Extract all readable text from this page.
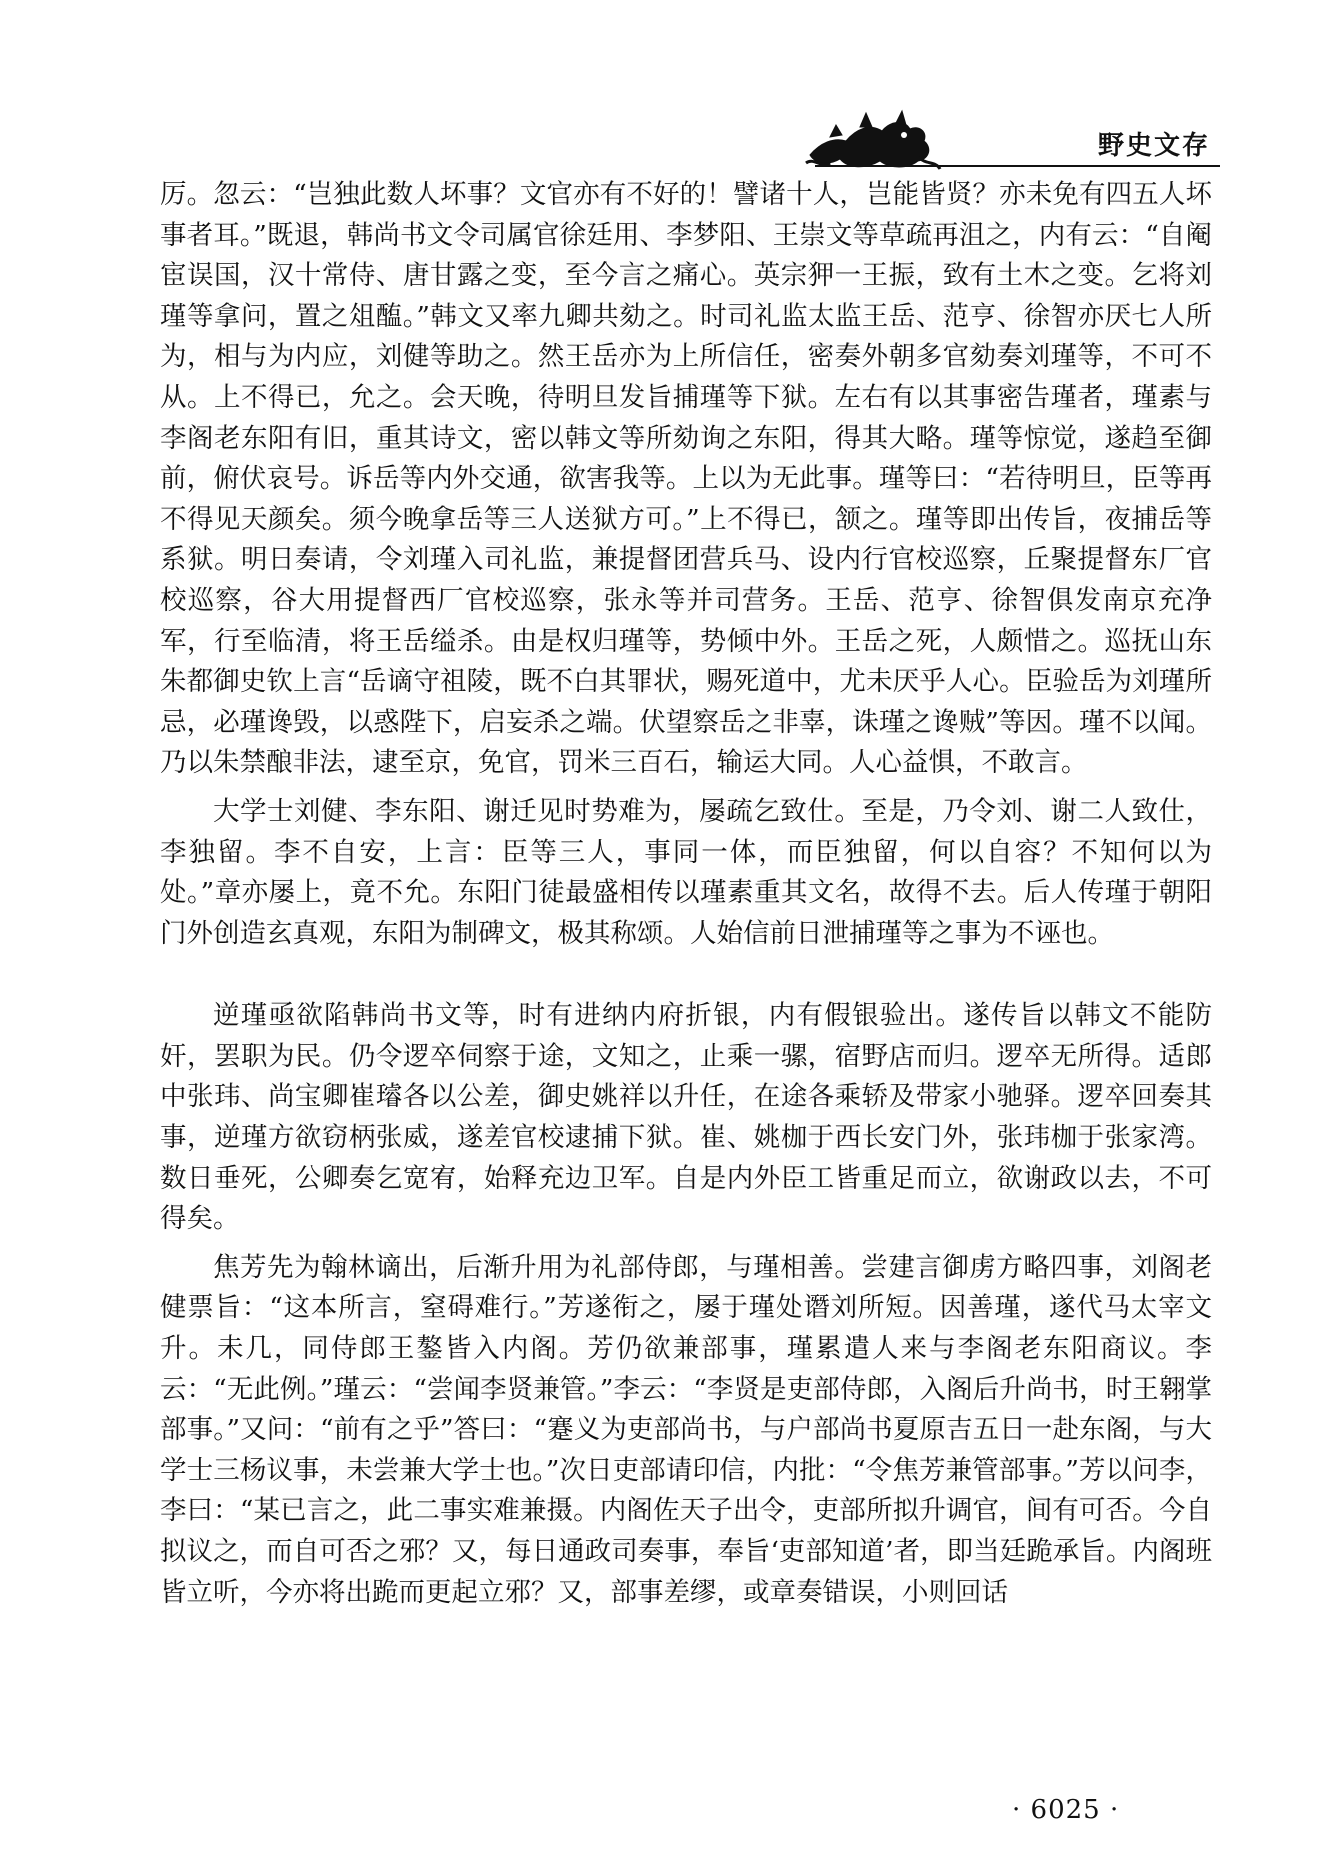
野史文存

厉。忽云：“岂独此数人坏事？文官亦有不好的！譬诸十人，岂能皆贤？亦未免有四五人坏事者耳。”既退，韩尚书文令司属官徐廷用、李梦阳、王崇文等草疏再沮之，内有云：“自阉宦误国，汉十常侍、唐甘露之变，至今言之痛心。英宗狎一王振，致有土木之变。乞将刘瑾等拿问，置之俎醢。”韩文又率九卿共劾之。时司礼监太监王岳、范亨、徐智亦厌七人所为，相与为内应，刘健等助之。然王岳亦为上所信任，密奏外朝多官劾奏刘瑾等，不可不从。上不得已，允之。会天晚，待明旦发旨捕瑾等下狱。左右有以其事密告瑾者，瑾素与李阁老东阳有旧，重其诗文，密以韩文等所劾询之东阳，得其大略。瑾等惊觉，遂趋至御前，俯伏哀号。诉岳等内外交通，欲害我等。上以为无此事。瑾等曰：“若待明旦，臣等再不得见天颜矣。须今晚拿岳等三人送狱方可。”上不得已，颔之。瑾等即出传旨，夜捕岳等系狱。明日奏请，令刘瑾入司礼监，兼提督团营兵马、设内行官校巡察，丘聚提督东厂官校巡察，谷大用提督西厂官校巡察，张永等并司营务。王岳、范亨、徐智俱发南京充净军，行至临清，将王岳缢杀。由是权归瑾等，势倾中外。王岳之死，人颇惜之。巡抚山东朱都御史钦上言“岳谪守祖陵，既不白其罪状，赐死道中，尤未厌乎人心。臣验岳为刘瑾所忌，必瑾谗毁，以惑陛下，启妄杀之端。伏望察岳之非辜，诛瑾之谗贼”等因。瑾不以闻。乃以朱禁酿非法，逮至京，免官，罚米三百石，输运大同。人心益惧，不敢言。

大学士刘健、李东阳、谢迁见时势难为，屡疏乞致仕。至是，乃令刘、谢二人致仕，李独留。李不自安，上言：臣等三人，事同一体，而臣独留，何以自容？不知何以为处。”章亦屡上，竟不允。东阳门徒最盛相传以瑾素重其文名，故得不去。后人传瑾于朝阳门外创造玄真观，东阳为制碑文，极其称颂。人始信前日泄捕瑾等之事为不诬也。

逆瑾亟欲陷韩尚书文等，时有进纳内府折银，内有假银验出。遂传旨以韩文不能防奸，罢职为民。仍令逻卒伺察于途，文知之，止乘一骡，宿野店而归。逻卒无所得。适郎中张玮、尚宝卿崔璿各以公差，御史姚祥以升任，在途各乘轿及带家小驰驿。逻卒回奏其事，逆瑾方欲窃柄张威，遂差官校逮捕下狱。崔、姚枷于西长安门外，张玮枷于张家湾。数日垂死，公卿奏乞宽宥，始释充边卫军。自是内外臣工皆重足而立，欲谢政以去，不可得矣。

焦芳先为翰林谪出，后渐升用为礼部侍郎，与瑾相善。尝建言御虏方略四事，刘阁老健票旨：“这本所言，窒碍难行。”芳遂衔之，屡于瑾处谮刘所短。因善瑾，遂代马太宰文升。未几，同侍郎王鏊皆入内阁。芳仍欲兼部事，瑾累遣人来与李阁老东阳商议。李云：“无此例。”瑾云：“尝闻李贤兼管。”李云：“李贤是吏部侍郎，入阁后升尚书，时王翱掌部事。”又问：“前有之乎”答曰：“蹇义为吏部尚书，与户部尚书夏原吉五日一赴东阁，与大学士三杨议事，未尝兼大学士也。”次日吏部请印信，内批：“令焦芳兼管部事。”芳以问李，李曰：“某已言之，此二事实难兼摄。内阁佐天子出令，吏部所拟升调官，间有可否。今自拟议之，而自可否之邪？又，每日通政司奏事，奉旨‘吏部知道’者，即当廷跪承旨。内阁班皆立听，今亦将出跪而更起立邪？又，部事差缪，或章奏错误，小则回话

· 6025 ·
